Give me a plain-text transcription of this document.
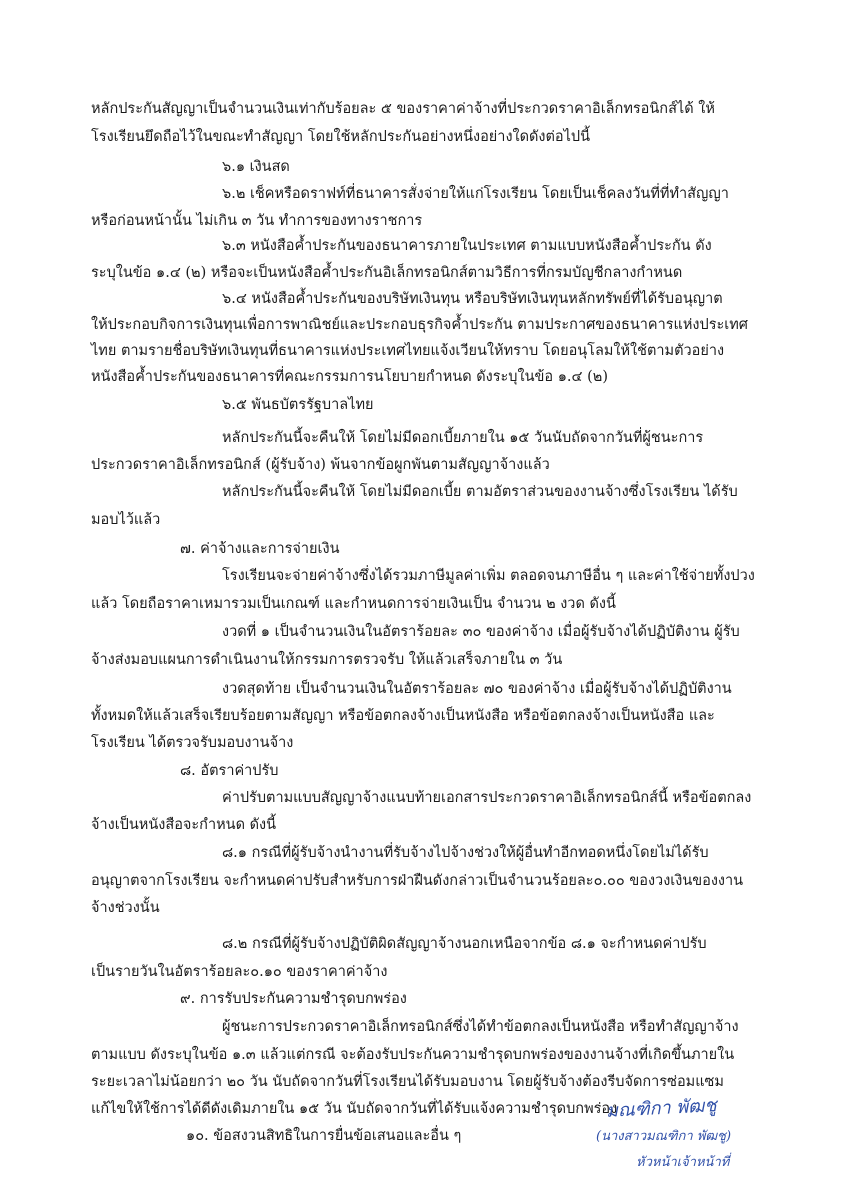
หลักประกันสัญญาเป็นจำนวนเงินเท่ากับร้อยละ ๕ ของราคาค่าจ้างที่ประกวดราคาอิเล็กทรอนิกส์ได้ ให้
โรงเรียนยึดถือไว้ในขณะทำสัญญา โดยใช้หลักประกันอย่างหนึ่งอย่างใดดังต่อไปนี้
๖.๑ เงินสด
๖.๒ เช็คหรือดราฟท์ที่ธนาคารสั่งจ่ายให้แก่โรงเรียน โดยเป็นเช็คลงวันที่ที่ทำสัญญา
หรือก่อนหน้านั้น ไม่เกิน ๓ วัน ทำการของทางราชการ
๖.๓ หนังสือค้ำประกันของธนาคารภายในประเทศ ตามแบบหนังสือค้ำประกัน ดัง
ระบุในข้อ ๑.๔ (๒) หรือจะเป็นหนังสือค้ำประกันอิเล็กทรอนิกส์ตามวิธีการที่กรมบัญชีกลางกำหนด
๖.๔ หนังสือค้ำประกันของบริษัทเงินทุน หรือบริษัทเงินทุนหลักทรัพย์ที่ได้รับอนุญาต
ให้ประกอบกิจการเงินทุนเพื่อการพาณิชย์และประกอบธุรกิจค้ำประกัน ตามประกาศของธนาคารแห่งประเทศ
ไทย ตามรายชื่อบริษัทเงินทุนที่ธนาคารแห่งประเทศไทยแจ้งเวียนให้ทราบ โดยอนุโลมให้ใช้ตามตัวอย่าง
หนังสือค้ำประกันของธนาคารที่คณะกรรมการนโยบายกำหนด ดังระบุในข้อ ๑.๔ (๒)
๖.๕ พันธบัตรรัฐบาลไทย
หลักประกันนี้จะคืนให้ โดยไม่มีดอกเบี้ยภายใน ๑๕ วันนับถัดจากวันที่ผู้ชนะการ
ประกวดราคาอิเล็กทรอนิกส์ (ผู้รับจ้าง) พ้นจากข้อผูกพันตามสัญญาจ้างแล้ว
หลักประกันนี้จะคืนให้ โดยไม่มีดอกเบี้ย ตามอัตราส่วนของงานจ้างซึ่งโรงเรียน ได้รับ
มอบไว้แล้ว
๗. ค่าจ้างและการจ่ายเงิน
โรงเรียนจะจ่ายค่าจ้างซึ่งได้รวมภาษีมูลค่าเพิ่ม ตลอดจนภาษีอื่น ๆ และค่าใช้จ่ายทั้งปวง
แล้ว โดยถือราคาเหมารวมเป็นเกณฑ์ และกำหนดการจ่ายเงินเป็น จำนวน ๒ งวด ดังนี้
งวดที่ ๑ เป็นจำนวนเงินในอัตราร้อยละ ๓๐ ของค่าจ้าง เมื่อผู้รับจ้างได้ปฏิบัติงาน ผู้รับ
จ้างส่งมอบแผนการดำเนินงานให้กรรมการตรวจรับ ให้แล้วเสร็จภายใน ๓ วัน
งวดสุดท้าย เป็นจำนวนเงินในอัตราร้อยละ ๗๐ ของค่าจ้าง เมื่อผู้รับจ้างได้ปฏิบัติงาน
ทั้งหมดให้แล้วเสร็จเรียบร้อยตามสัญญา หรือข้อตกลงจ้างเป็นหนังสือ หรือข้อตกลงจ้างเป็นหนังสือ และ
โรงเรียน ได้ตรวจรับมอบงานจ้าง
๘. อัตราค่าปรับ
ค่าปรับตามแบบสัญญาจ้างแนบท้ายเอกสารประกวดราคาอิเล็กทรอนิกส์นี้ หรือข้อตกลง
จ้างเป็นหนังสือจะกำหนด ดังนี้
๘.๑ กรณีที่ผู้รับจ้างนำงานที่รับจ้างไปจ้างช่วงให้ผู้อื่นทำอีกทอดหนึ่งโดยไม่ได้รับ
อนุญาตจากโรงเรียน จะกำหนดค่าปรับสำหรับการฝ่าฝืนดังกล่าวเป็นจำนวนร้อยละ๐.๐๐ ของวงเงินของงาน
จ้างช่วงนั้น
๘.๒ กรณีที่ผู้รับจ้างปฏิบัติผิดสัญญาจ้างนอกเหนือจากข้อ ๘.๑ จะกำหนดค่าปรับ
เป็นรายวันในอัตราร้อยละ๐.๑๐ ของราคาค่าจ้าง
๙. การรับประกันความชำรุดบกพร่อง
ผู้ชนะการประกวดราคาอิเล็กทรอนิกส์ซึ่งได้ทำข้อตกลงเป็นหนังสือ หรือทำสัญญาจ้าง
ตามแบบ ดังระบุในข้อ ๑.๓ แล้วแต่กรณี จะต้องรับประกันความชำรุดบกพร่องของงานจ้างที่เกิดขึ้นภายใน
ระยะเวลาไม่น้อยกว่า ๒๐ วัน นับถัดจากวันที่โรงเรียนได้รับมอบงาน โดยผู้รับจ้างต้องรีบจัดการซ่อมแซม
แก้ไขให้ใช้การได้ดีดังเดิมภายใน ๑๕ วัน นับถัดจากวันที่ได้รับแจ้งความชำรุดบกพร่อง
๑๐. ข้อสงวนสิทธิในการยื่นข้อเสนอและอื่น ๆ
มณฑิกา พัฒชู
(นางสาวมณฑิกา พัฒชู)
หัวหน้าเจ้าหน้าที่
